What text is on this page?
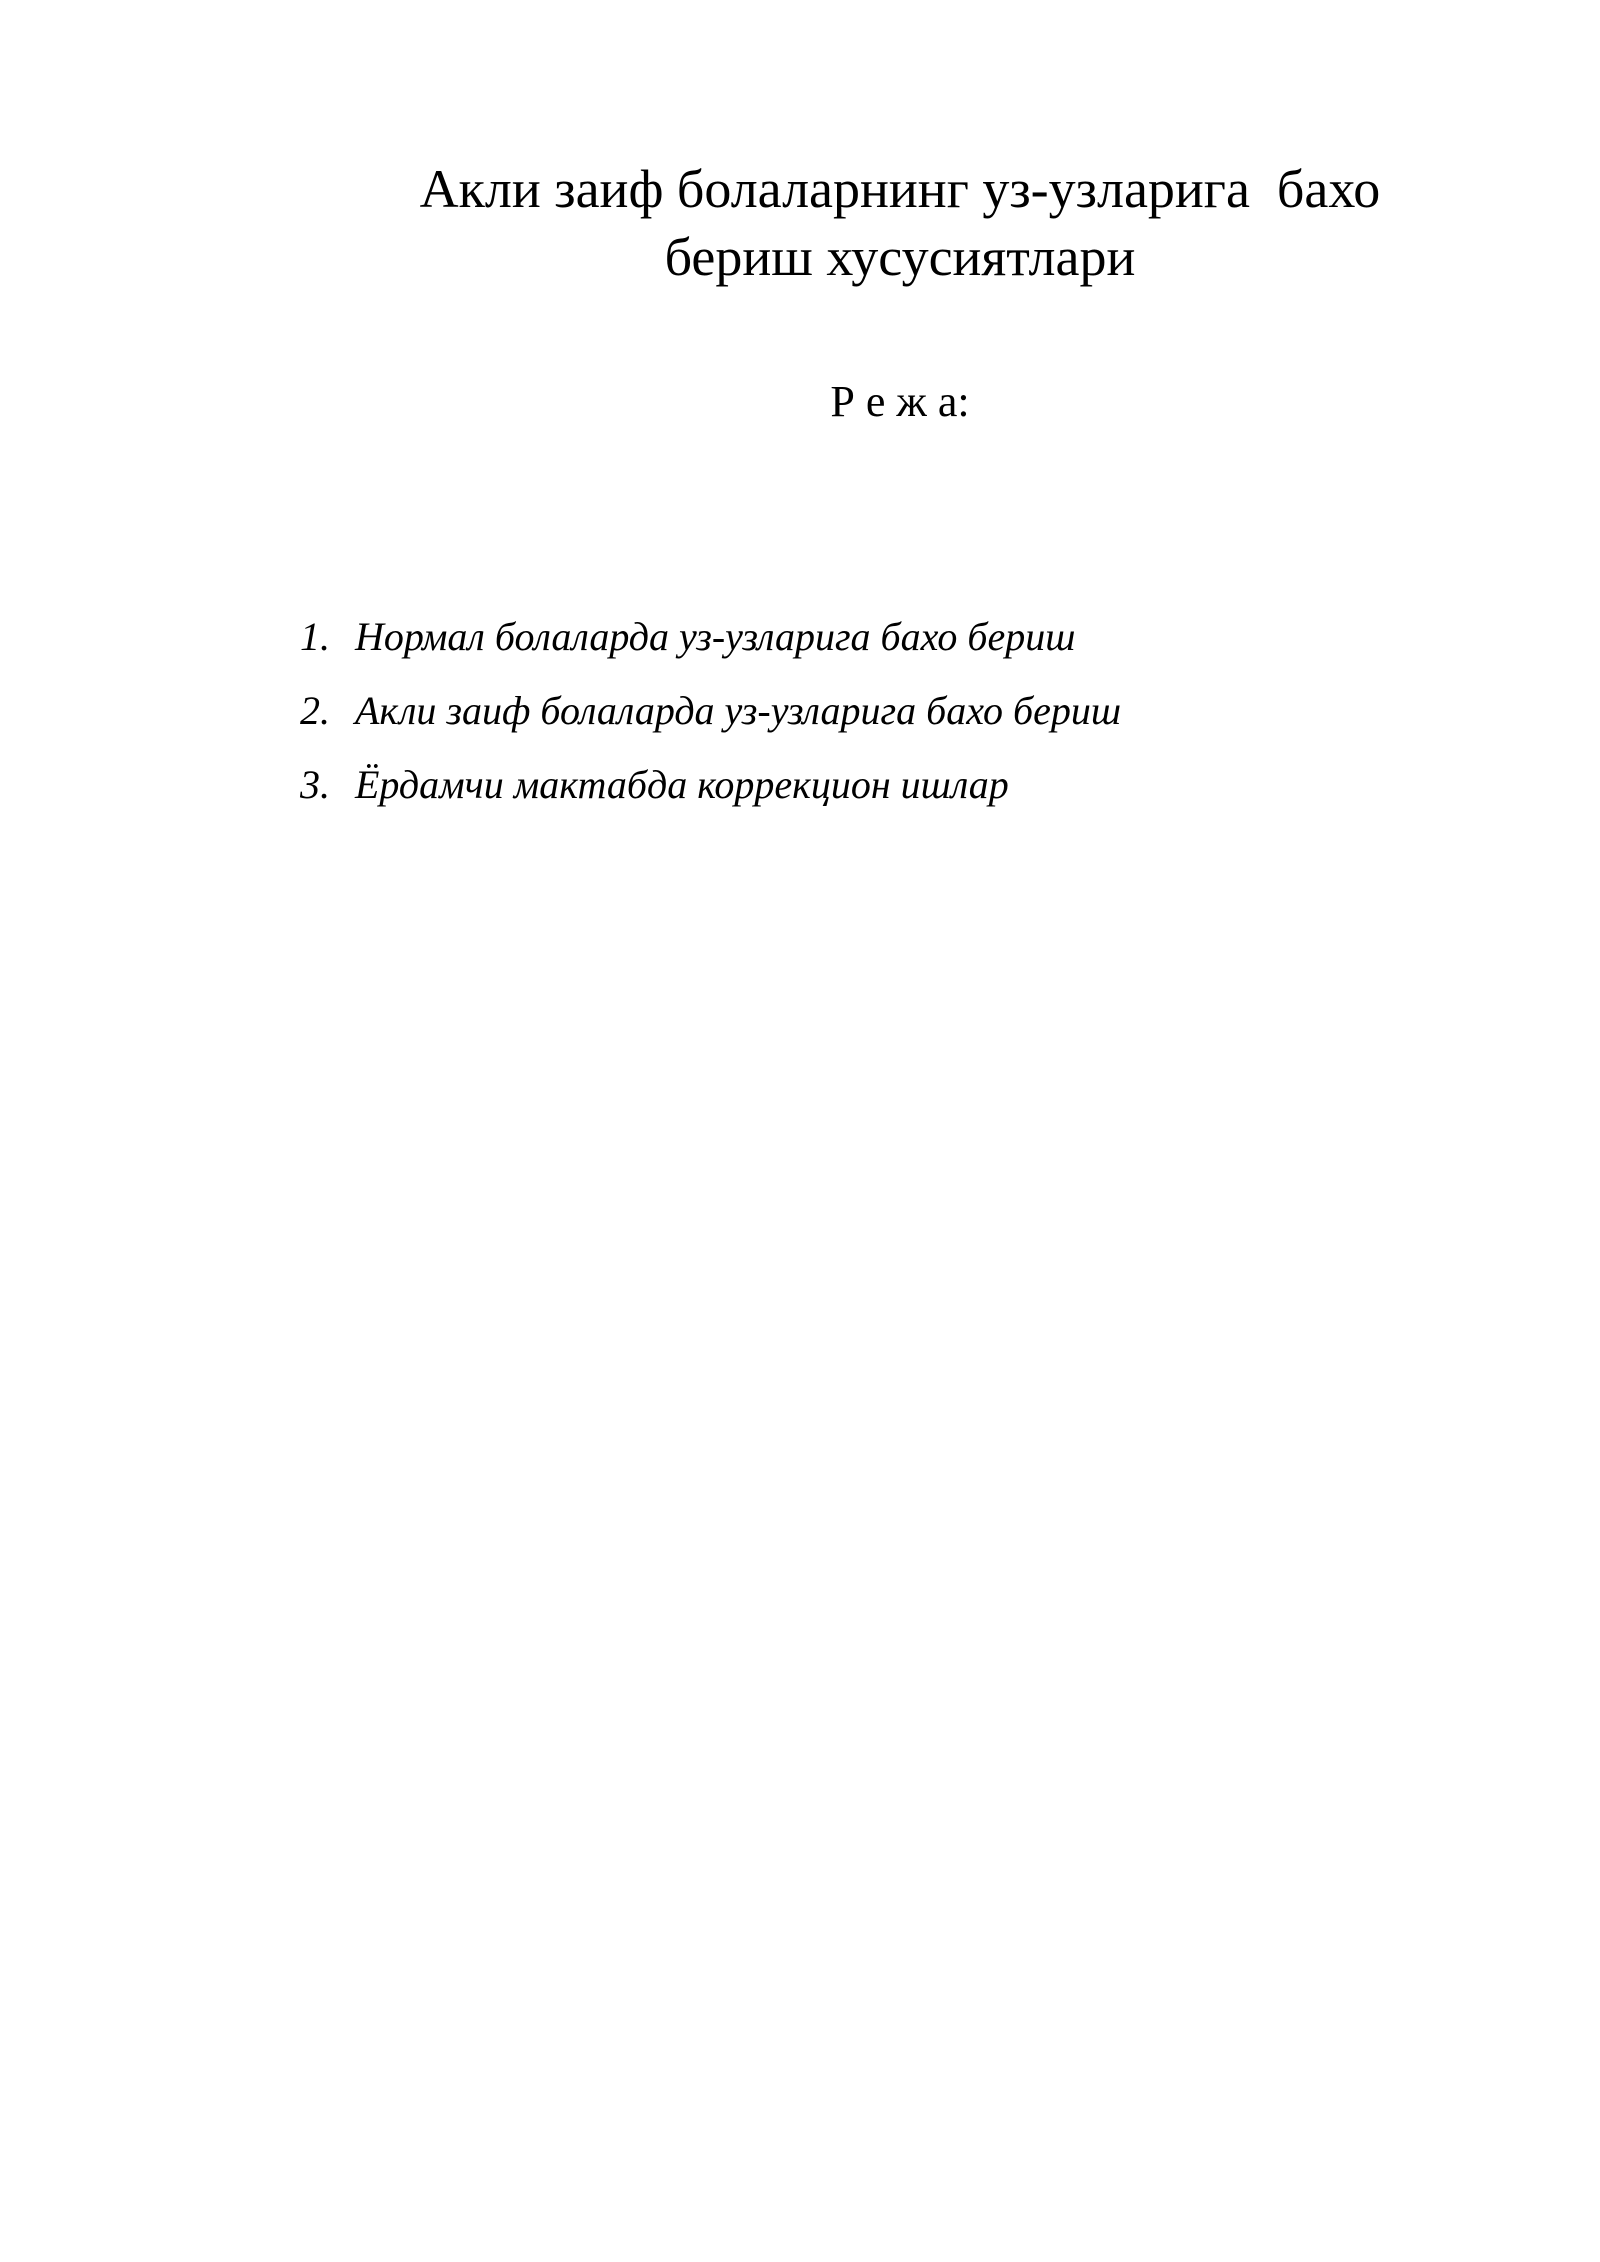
Акли заиф болаларнинг уз-узларига  бахо
бериш хусусиятлари

Р е ж а:

1. Нормал болаларда уз-узларига бахо бериш
2. Акли заиф болаларда уз-узларига бахо бериш
3. Ёрдамчи мактабда коррекцион ишлар
